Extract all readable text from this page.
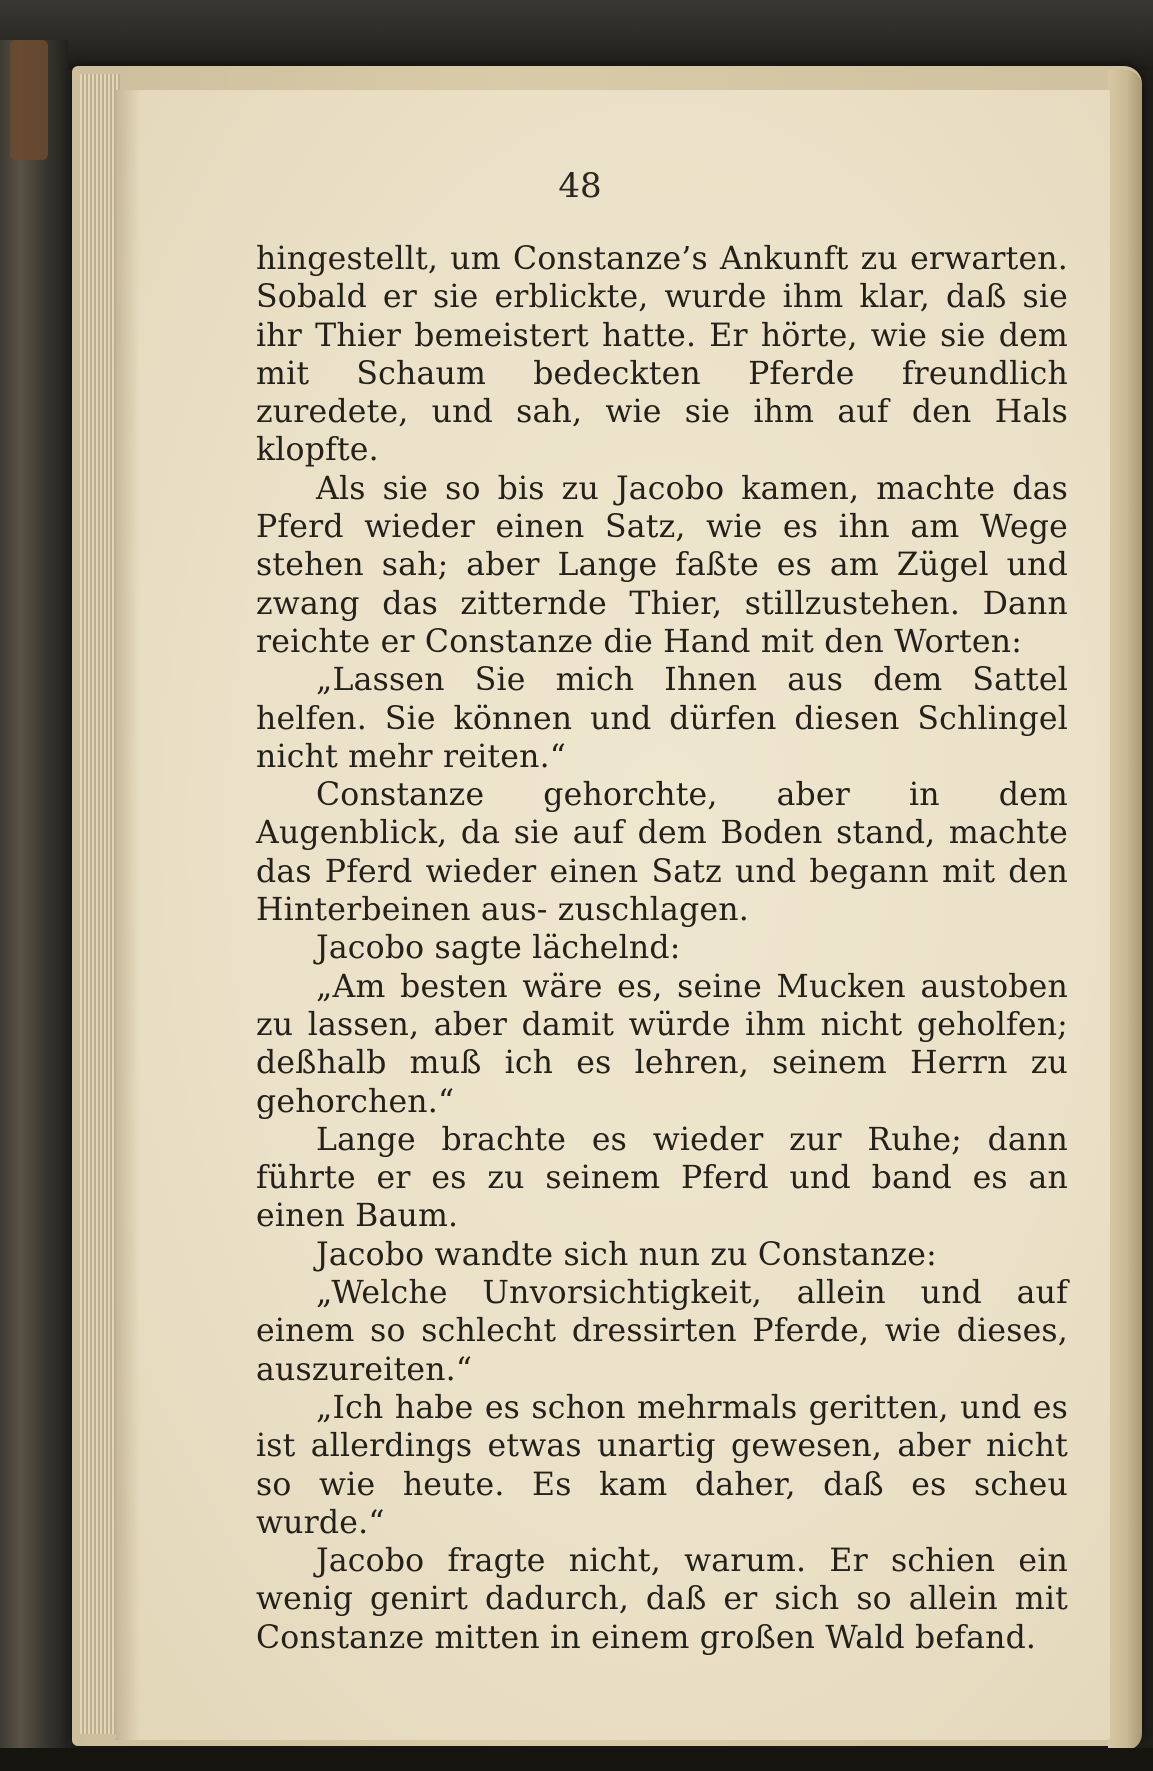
48

hingestellt, um Constanze’s Ankunft zu erwarten. Sobald er sie erblickte, wurde ihm klar, daß sie ihr Thier bemeistert hatte. Er hörte, wie sie dem mit Schaum bedeckten Pferde freundlich zuredete, und sah, wie sie ihm auf den Hals klopfte.

Als sie so bis zu Jacobo kamen, machte das Pferd wieder einen Satz, wie es ihn am Wege stehen sah; aber Lange faßte es am Zügel und zwang das zitternde Thier, stillzustehen. Dann reichte er Constanze die Hand mit den Worten:

„Lassen Sie mich Ihnen aus dem Sattel helfen. Sie können und dürfen diesen Schlingel nicht mehr reiten.“

Constanze gehorchte, aber in dem Augenblick, da sie auf dem Boden stand, machte das Pferd wieder einen Satz und begann mit den Hinterbeinen aus- zuschlagen.

Jacobo sagte lächelnd:

„Am besten wäre es, seine Mucken austoben zu lassen, aber damit würde ihm nicht geholfen; deßhalb muß ich es lehren, seinem Herrn zu gehorchen.“

Lange brachte es wieder zur Ruhe; dann führte er es zu seinem Pferd und band es an einen Baum.

Jacobo wandte sich nun zu Constanze:

„Welche Unvorsichtigkeit, allein und auf einem so schlecht dressirten Pferde, wie dieses, auszureiten.“

„Ich habe es schon mehrmals geritten, und es ist allerdings etwas unartig gewesen, aber nicht so wie heute. Es kam daher, daß es scheu wurde.“

Jacobo fragte nicht, warum. Er schien ein wenig genirt dadurch, daß er sich so allein mit Constanze mitten in einem großen Wald befand.
